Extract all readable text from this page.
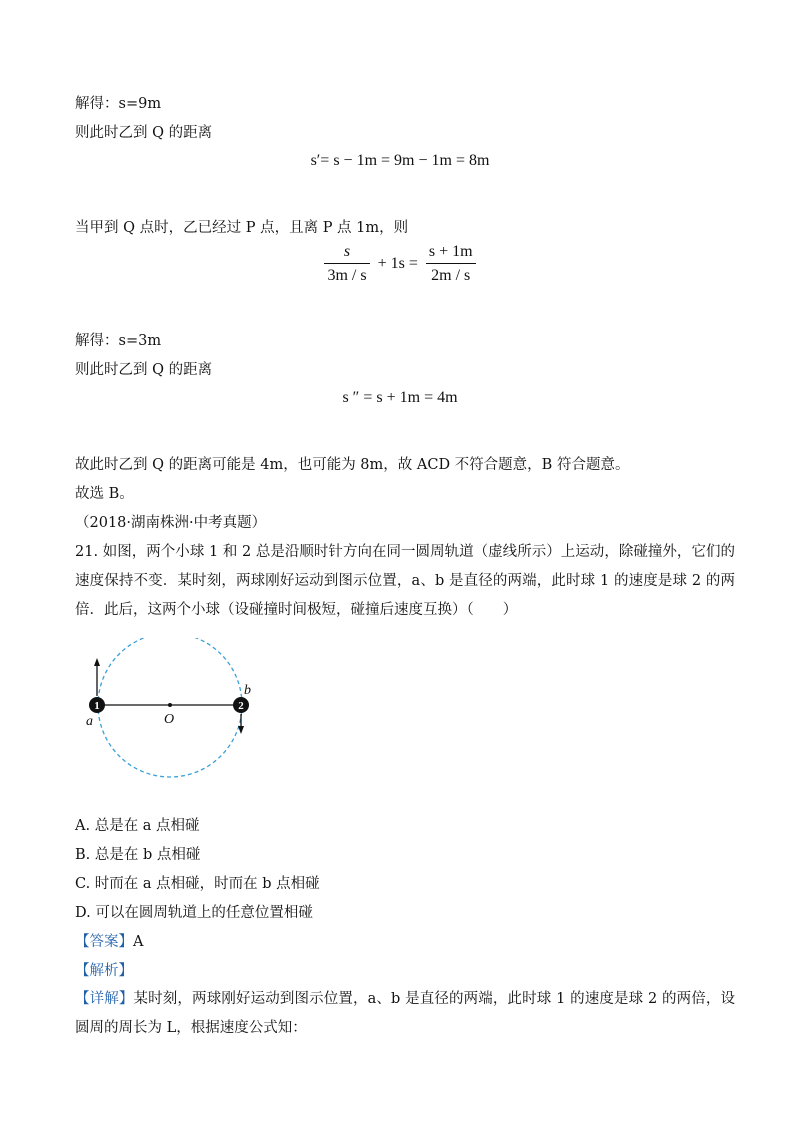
解得：s=9m
则此时乙到 Q 的距离
s′= s − 1m = 9m − 1m = 8m
当甲到 Q 点时，乙已经过 P 点，且离 P 点 1m，则
$\frac{s}{3m / s} + 1s = \frac{s + 1m}{2m / s}$
解得：s=3m
则此时乙到 Q 的距离
s ″ = s + 1m = 4m
故此时乙到 Q 的距离可能是 4m，也可能为 8m，故 ACD 不符合题意，B 符合题意。
故选 B。
（2018·湖南株洲·中考真题）
21. 如图，两个小球 1 和 2 总是沿顺时针方向在同一圆周轨道（虚线所示）上运动，除碰撞外，它们的速度保持不变．某时刻，两球刚好运动到图示位置，a、b 是直径的两端，此时球 1 的速度是球 2 的两倍．此后，这两个小球（设碰撞时间极短，碰撞后速度互换）（　　）
1	2
a
b
O
A. 总是在 a 点相碰
B. 总是在 b 点相碰
C. 时而在 a 点相碰，时而在 b 点相碰
D. 可以在圆周轨道上的任意位置相碰
【答案】A
【解析】
【详解】某时刻，两球刚好运动到图示位置，a、b 是直径的两端，此时球 1 的速度是球 2 的两倍，设圆周的周长为 L，根据速度公式知：
